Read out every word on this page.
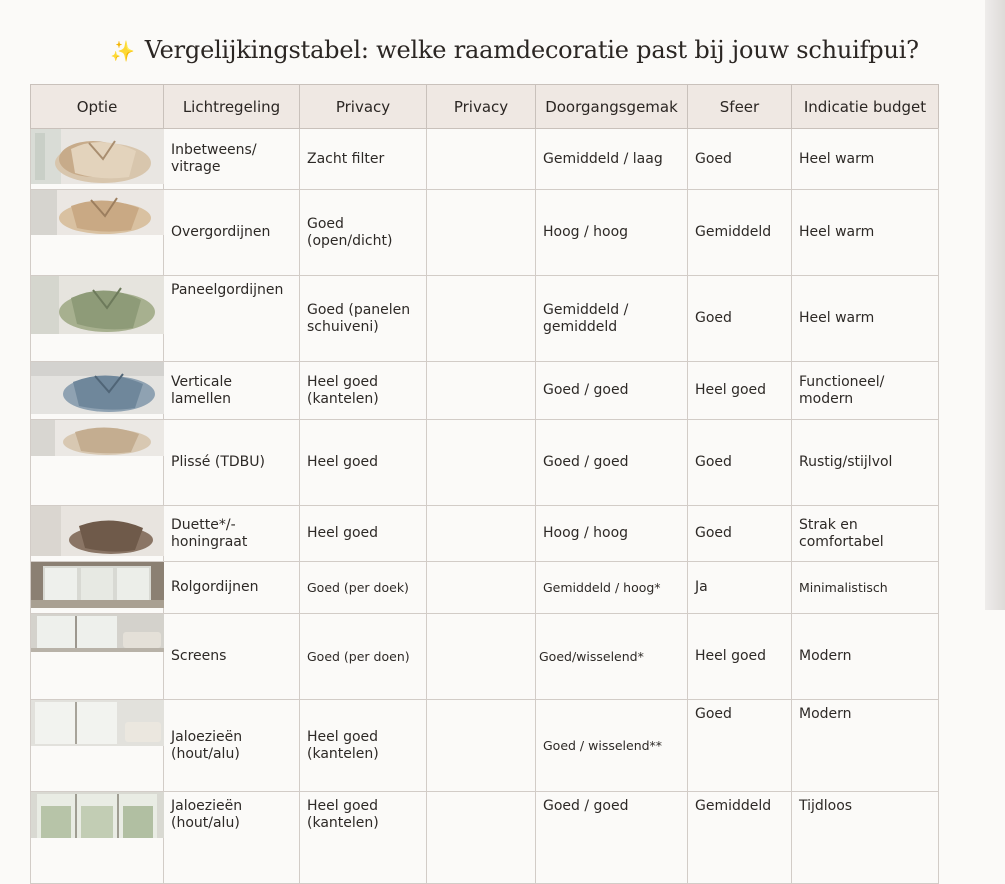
✨ Vergelijkingstabel: welke raamdecoratie past bij jouw schuifpui?
Optie	Lichtregeling	Privacy	Privacy	Doorgangsgemak	Sfeer	Indicatie budget	

	Inbetweens/ vitrage	Zacht filter		Gemiddeld / laag	Goed	Heel warm	

	Overgordijnen	Goed (open/dicht)		Hoog / hoog	Gemiddeld	Heel warm	

	Paneelgordijnen	Goed (panelen schuiveni)		Gemiddeld / gemiddeld	Goed	Heel warm	

	Verticale lamellen	Heel goed (kantelen)		Goed / goed	Heel goed	Functioneel/ modern	

	Plissé (TDBU)	Heel goed		Goed / goed	Goed	Rustig/stijlvol	

	Duette*/- honingraat	Heel goed		Hoog / hoog	Goed	Strak en comfortabel	

	Rolgordijnen	Goed (per doek)		Gemiddeld / hoog*	Ja	Minimalistisch	

	Screens	Goed (per doen)		Goed/wisselend*	Heel goed	Modern	

	Jaloezieën (hout/alu)	Heel goed (kantelen)		Goed / wisselend**	Goed	Modern	

	Jaloezieën (hout/alu)	Heel goed (kantelen)		Goed / goed	Gemiddeld	Tijdloos	
